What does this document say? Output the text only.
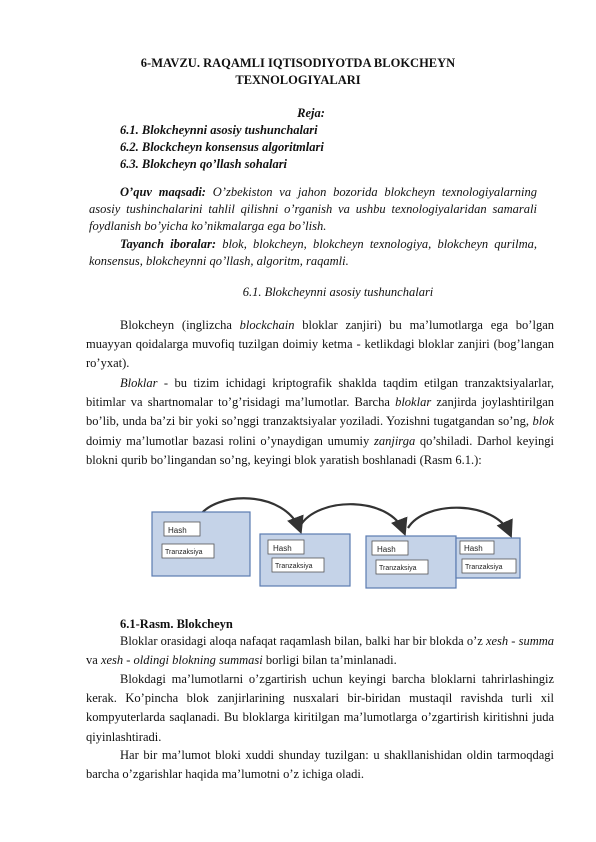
6-MAVZU. RAQAMLI IQTISODIYOTDA BLOKCHEYN
TEXNOLOGIYALARI
Reja:
6.1. Blokcheynni asosiy tushunchalari
6.2. Blockcheyn konsensus algoritmlari
6.3. Blokcheyn qo’llash sohalari
O’quv maqsadi: O’zbekiston va jahon bozorida blokcheyn texnologiyalarning asosiy tushinchalarini tahlil qilishni o’rganish va ushbu texnologiyalaridan samarali foydlanish bo’yicha ko’nikmalarga ega bo’lish.
Tayanch iboralar: blok, blokcheyn, blokcheyn texnologiya, blokcheyn qurilma, konsensus, blokcheynni qo’llash, algoritm, raqamli.
6.1. Blokcheynni asosiy tushunchalari
Blokcheyn (inglizcha blockchain bloklar zanjiri) bu ma’lumotlarga ega bo’lgan muayyan qoidalarga muvofiq tuzilgan doimiy ketma - ketlikdagi bloklar zanjiri (bog’langan ro’yxat).
Bloklar - bu tizim ichidagi kriptografik shaklda taqdim etilgan tranzaktsiyalarlar, bitimlar va shartnomalar to’g’risidagi ma’lumotlar. Barcha bloklar zanjirda joylashtirilgan bo’lib, unda ba’zi bir yoki so’nggi tranzaktsiyalar yoziladi. Yozishni tugatgandan so’ng, blok doimiy ma’lumotlar bazasi rolini o’ynaydigan umumiy zanjirga qo’shiladi. Darhol keyingi blokni qurib bo’lingandan so’ng, keyingi blok yaratish boshlanadi (Rasm 6.1.):
Hash
Tranzaksiya	Hash
Tranzaksiya
Hash
Tranzaksiya
Hash
Tranzaksiya
6.1-Rasm. Blokcheyn
Bloklar orasidagi aloqa nafaqat raqamlash bilan, balki har bir blokda o’z xesh - summa va xesh - oldingi blokning summasi borligi bilan ta’minlanadi.
Blokdagi ma’lumotlarni o’zgartirish uchun keyingi barcha bloklarni tahrirlashingiz kerak. Ko’pincha blok zanjirlarining nusxalari bir-biridan mustaqil ravishda turli xil kompyuterlarda saqlanadi. Bu bloklarga kiritilgan ma’lumotlarga o’zgartirish kiritishni juda qiyinlashtiradi.
Har bir ma’lumot bloki xuddi shunday tuzilgan: u shakllanishidan oldin tarmoqdagi barcha o’zgarishlar haqida ma’lumotni o’z ichiga oladi.
